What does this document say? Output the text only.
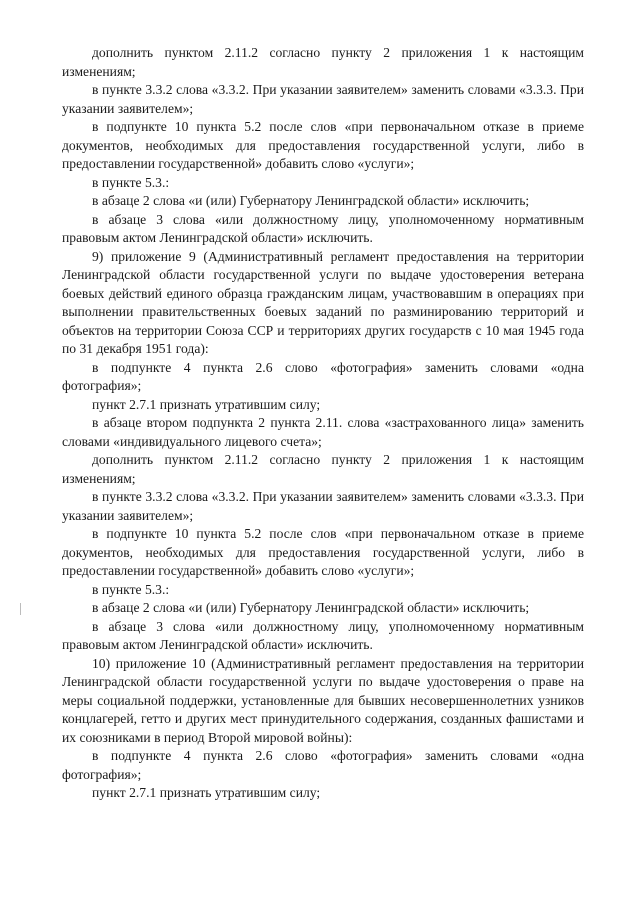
дополнить пунктом 2.11.2 согласно пункту 2 приложения 1 к настоящим изменениям;

в пункте 3.3.2 слова «3.3.2. При указании заявителем» заменить словами «3.3.3. При указании заявителем»;

в подпункте 10 пункта 5.2 после слов «при первоначальном отказе в приеме документов, необходимых для предоставления государственной услуги, либо в предоставлении государственной» добавить слово «услуги»;

в пункте 5.3.:

в абзаце 2 слова «и (или) Губернатору Ленинградской области» исключить;

в абзаце 3 слова «или должностному лицу, уполномоченному нормативным правовым актом Ленинградской области» исключить.

9) приложение 9 (Административный регламент предоставления на территории Ленинградской области государственной услуги по выдаче удостоверения ветерана боевых действий единого образца гражданским лицам, участвовавшим в операциях при выполнении правительственных боевых заданий по разминированию территорий и объектов на территории Союза ССР и территориях других государств с 10 мая 1945 года по 31 декабря 1951 года):

в подпункте 4 пункта 2.6 слово «фотография» заменить словами «одна фотография»;

пункт 2.7.1 признать утратившим силу;

в абзаце втором подпункта 2 пункта 2.11. слова «застрахованного лица» заменить словами «индивидуального лицевого счета»;

дополнить пунктом 2.11.2 согласно пункту 2 приложения 1 к настоящим изменениям;

в пункте 3.3.2 слова «3.3.2. При указании заявителем» заменить словами «3.3.3. При указании заявителем»;

в подпункте 10 пункта 5.2 после слов «при первоначальном отказе в приеме документов, необходимых для предоставления государственной услуги, либо в предоставлении государственной» добавить слово «услуги»;

в пункте 5.3.:

в абзаце 2 слова «и (или) Губернатору Ленинградской области» исключить;

в абзаце 3 слова «или должностному лицу, уполномоченному нормативным правовым актом Ленинградской области» исключить.

10) приложение 10 (Административный регламент предоставления на территории Ленинградской области государственной услуги по выдаче удостоверения о праве на меры социальной поддержки, установленные для бывших несовершеннолетних узников концлагерей, гетто и других мест принудительного содержания, созданных фашистами и их союзниками в период Второй мировой войны):

в подпункте 4 пункта 2.6 слово «фотография» заменить словами «одна фотография»;

пункт 2.7.1 признать утратившим силу;
